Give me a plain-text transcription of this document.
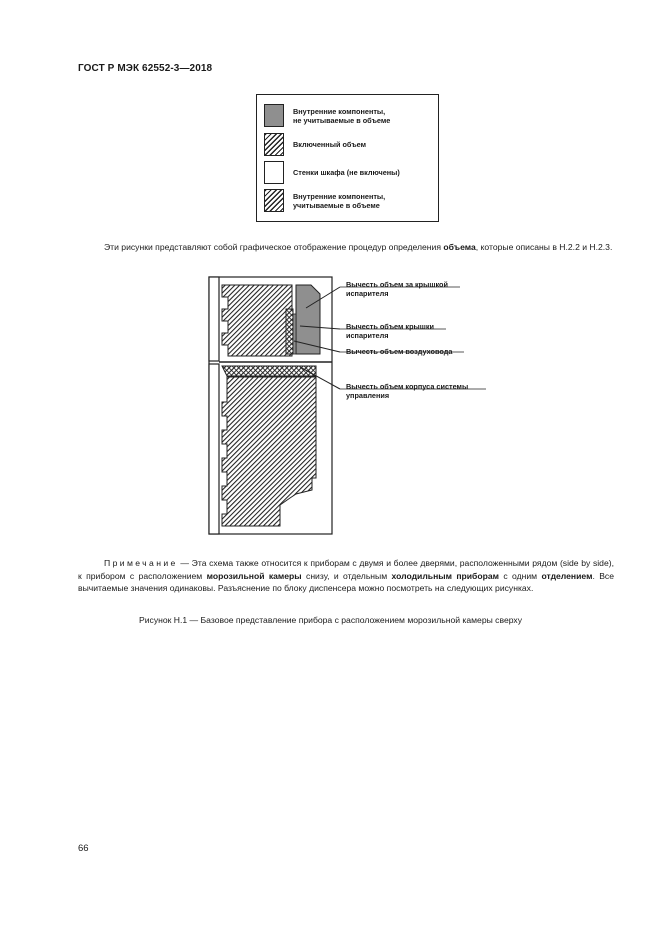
ГОСТ Р МЭК 62552-3—2018
Внутренние компоненты,
не учитываемые в объеме
Включенный объем
Стенки шкафа (не включены)
Внутренние компоненты,
учитываемые в объеме
Эти рисунки представляют собой графическое отображение процедур определения объема, которые описаны в Н.2.2 и Н.2.3.
Вычесть объем за крышкой
испарителя
Вычесть объем крышки
испарителя
Вычесть объем воздуховода
Вычесть объем корпуса системы
управления
Примечание — Эта схема также относится к приборам с двумя и более дверями, расположенными рядом (side by side), к прибором с расположением морозильной камеры снизу, и отдельным холодильным приборам с одним отделением. Все вычитаемые значения одинаковы. Разъяснение по блоку диспенсера можно посмотреть на следующих рисунках.
Рисунок Н.1 — Базовое представление прибора с расположением морозильной камеры сверху
66
